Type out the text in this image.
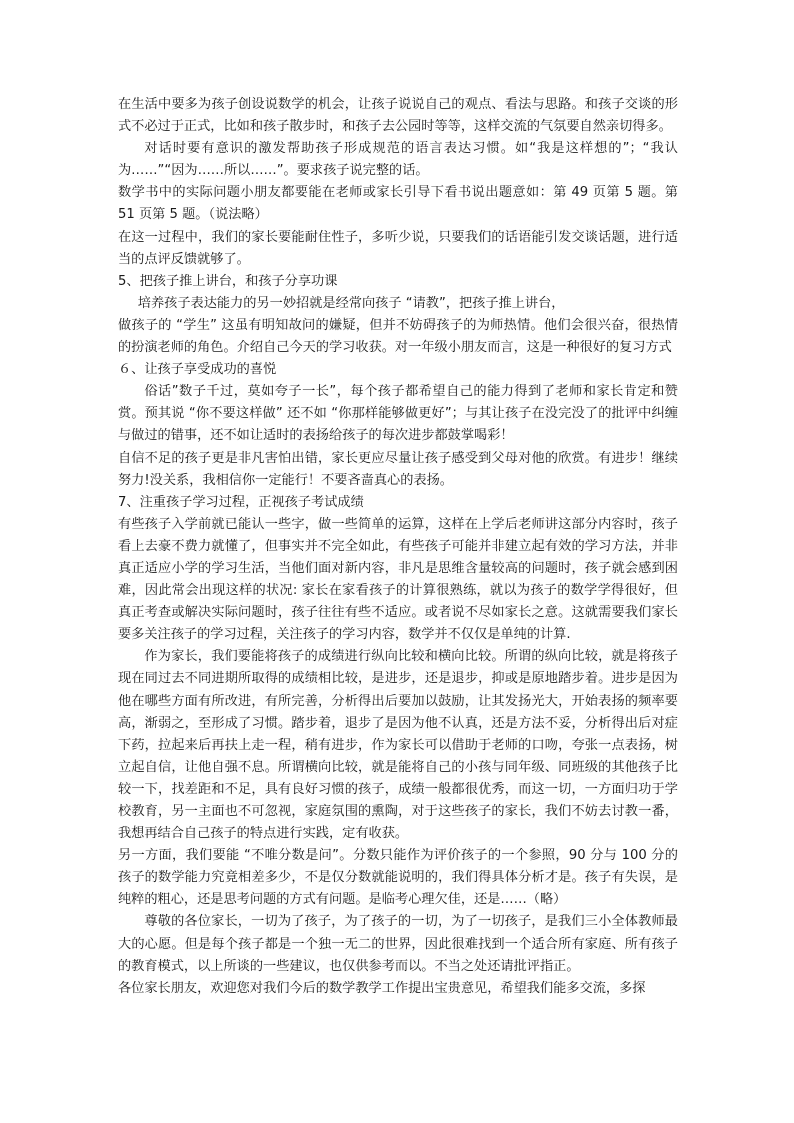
在生活中要多为孩子创设说数学的机会，让孩子说说自己的观点、看法与思路。和孩子交谈的形式不必过于正式，比如和孩子散步时，和孩子去公园时等等，这样交流的气氛要自然亲切得多。

对话时要有意识的激发帮助孩子形成规范的语言表达习惯。如“我是这样想的”；“我认为……”“因为……所以……”。要求孩子说完整的话。

数学书中的实际问题小朋友都要能在老师或家长引导下看书说出题意如：第 49 页第 5 题。第 51 页第 5 题。（说法略）

在这一过程中，我们的家长要能耐住性子，多听少说，只要我们的话语能引发交谈话题，进行适当的点评反馈就够了。

5、把孩子推上讲台，和孩子分享功课

培养孩子表达能力的另一妙招就是经常向孩子 “请教”，把孩子推上讲台，

做孩子的 “学生” 这虽有明知故问的嫌疑，但并不妨碍孩子的为师热情。他们会很兴奋，很热情的扮演老师的角色。介绍自己今天的学习收获。对一年级小朋友而言，这是一种很好的复习方式

６、让孩子享受成功的喜悦

俗话”数子千过，莫如夸子一长”，每个孩子都希望自己的能力得到了老师和家长肯定和赞赏。预其说 “你不要这样做” 还不如 “你那样能够做更好”；与其让孩子在没完没了的批评中纠缠与做过的错事，还不如让适时的表扬给孩子的每次进步都鼓掌喝彩！

自信不足的孩子更是非凡害怕出错，家长更应尽量让孩子感受到父母对他的欣赏。有进步！继续努力!没关系，我相信你一定能行！不要吝啬真心的表扬。

7、注重孩子学习过程，正视孩子考试成绩

有些孩子入学前就已能认一些字，做一些简单的运算，这样在上学后老师讲这部分内容时，孩子看上去豪不费力就懂了，但事实并不完全如此，有些孩子可能并非建立起有效的学习方法，并非真正适应小学的学习生活，当他们面对新内容，非凡是思维含量较高的问题时，孩子就会感到困难，因此常会出现这样的状况: 家长在家看孩子的计算很熟练，就以为孩子的数学学得很好，但真正考查或解决实际问题时，孩子往往有些不适应。或者说不尽如家长之意。这就需要我们家长要多关注孩子的学习过程，关注孩子的学习内容，数学并不仅仅是单纯的计算.

作为家长，我们要能将孩子的成绩进行纵向比较和横向比较。所谓的纵向比较，就是将孩子现在同过去不同进期所取得的成绩相比较，是进步，还是退步，抑或是原地踏步着。进步是因为他在哪些方面有所改进，有所完善，分析得出后要加以鼓励，让其发扬光大，开始表扬的频率要高，渐弱之，至形成了习惯。踏步着，退步了是因为他不认真，还是方法不妥，分析得出后对症下药，拉起来后再扶上走一程，稍有进步，作为家长可以借助于老师的口吻，夸张一点表扬，树立起自信，让他自强不息。所谓横向比较，就是能将自己的小孩与同年级、同班级的其他孩子比较一下，找差距和不足，具有良好习惯的孩子，成绩一般都很优秀，而这一切，一方面归功于学校教育，另一主面也不可忽视，家庭氛围的熏陶，对于这些孩子的家长，我们不妨去讨教一番，我想再结合自己孩子的特点进行实践，定有收获。

另一方面，我们要能 “不唯分数是问”。分数只能作为评价孩子的一个参照，90 分与 100 分的孩子的数学能力究竟相差多少，不是仅分数就能说明的，我们得具体分析才是。孩子有失误，是纯粹的粗心，还是思考问题的方式有问题。是临考心理欠佳，还是……（略）

尊敬的各位家长，一切为了孩子，为了孩子的一切，为了一切孩子，是我们三小全体教师最大的心愿。但是每个孩子都是一个独一无二的世界，因此很难找到一个适合所有家庭、所有孩子的教育模式，以上所谈的一些建议，也仅供参考而以。不当之处还请批评指正。

各位家长朋友，欢迎您对我们今后的数学教学工作提出宝贵意见，希望我们能多交流，多探
